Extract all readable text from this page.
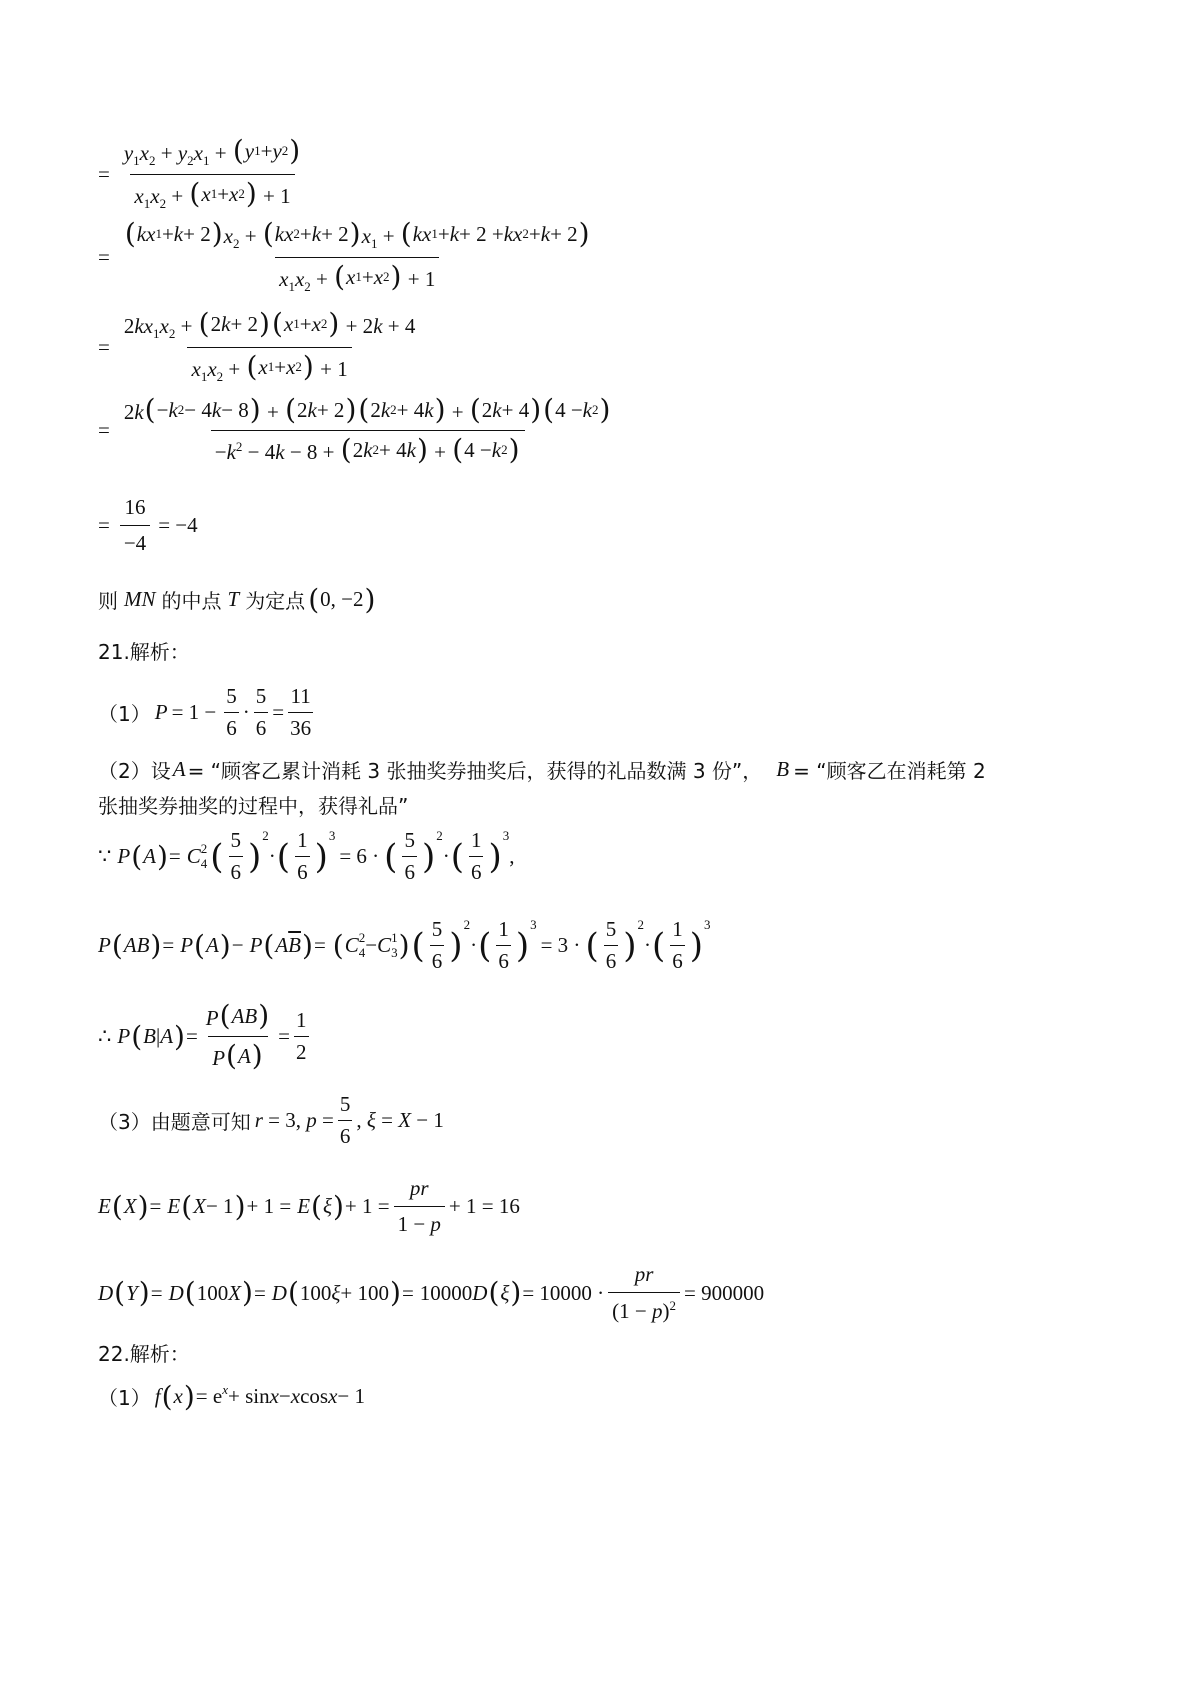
= $\frac{y_1x_2 + y_2x_1 + ( y 1 + y 2 )}{x_1x_2 + ( x 1 + x 2 ) + 1}$
=
( kx 1 + k + 2 ) $x_2$ + ( kx 2 + k + 2 ) $x_1$ + ( kx 1 + k + 2 + kx 2 + k + 2 )
$x_1x_2$ + ( x 1 + x 2 ) + 1
= $\frac{2kx_1x_2 + ( 2 k + 2 ) ( x 1 + x 2 ) + 2k + 4}{x_1x_2 + ( x 1 + x 2 ) + 1}$
= $\frac{2k ( - k 2 - 4 k - 8 ) + ( 2 k + 2 ) ( 2 k 2 + 4 k ) + ( 2 k + 4 ) ( 4 - k 2 )}{-k^2 - 4k - 8 + ( 2 k 2 + 4 k ) + ( 4 - k 2 )}$
= $\frac{16}{-4} = -4$
则 MN 的中点 T 为定点 ( 0, −2 )
21.解析：
（1） $P = 1 - \frac{5}{6} \cdot \frac{5}{6} = \frac{11}{36}$
（2）设 A = “顾客乙累计消耗 3 张抽奖券抽奖后，获得的礼品数满 3 份”， B = “顾客乙在消耗第 2
张抽奖券抽奖的过程中，获得礼品”
∵ P ( A ) = C 2
4 ( $\frac{5}{6}$ )
$^2$
· ( $\frac{1}{6}$ )
$^3$
= 6 · ( $\frac{5}{6}$ )
$^2$
· ( $\frac{1}{6}$ )
$^3$
,
P ( AB ) = P ( A ) − P ( A $\overline{B}$ ) = ( C 2
4 − C 1
3 ) ( $\frac{5}{6}$ )
$^2$
· ( $\frac{1}{6}$ )
$^3$
= 3 · ( $\frac{5}{6}$ )
$^2$
· ( $\frac{1}{6}$ )
$^3$
∴ P ( B | A ) = $\frac{P ( AB )}{P ( A )} = \frac{1}{2}$
（3）由题意可知 r = 3, $p = \frac{5}{6}$ , ξ = X − 1
E ( X ) = E ( X − 1 ) + 1 = E ( ξ ) + $1 = \frac{pr}{1 - p} + 1 = 16$
D ( Y ) = D ( 100 X ) = D ( 100 ξ + 100 ) = 10000 D ( ξ ) = $10000 \cdot \frac{pr}{(1 - p)^2} = 900000$
22.解析：
（1） f ( x ) = e $^x$ + sin x − x cos x − 1
